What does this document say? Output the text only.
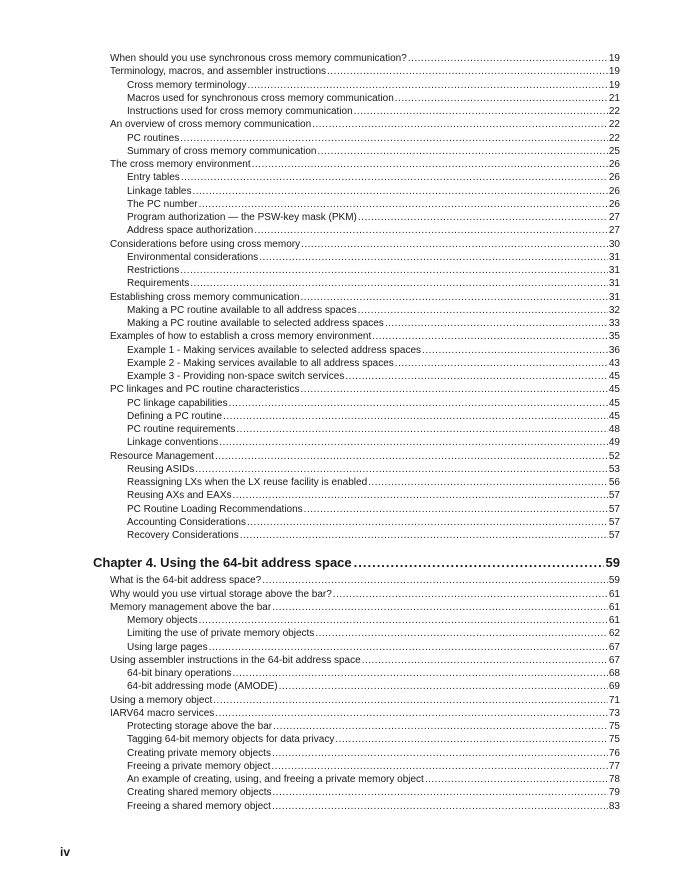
When should you use synchronous cross memory communication? .....	19
Terminology, macros, and assembler instructions .....	19
Cross memory terminology .....	19
Macros used for synchronous cross memory communication .....	21
Instructions used for cross memory communication .....	22
An overview of cross memory communication .....	22
PC routines .....	22
Summary of cross memory communication .....	25
The cross memory environment .....	26
Entry tables .....	26
Linkage tables .....	26
The PC number .....	26
Program authorization — the PSW-key mask (PKM) .....	27
Address space authorization .....	27
Considerations before using cross memory .....	30
Environmental considerations .....	31
Restrictions .....	31
Requirements .....	31
Establishing cross memory communication .....	31
Making a PC routine available to all address spaces .....	32
Making a PC routine available to selected address spaces .....	33
Examples of how to establish a cross memory environment .....	35
Example 1 - Making services available to selected address spaces .....	36
Example 2 - Making services available to all address spaces .....	43
Example 3 - Providing non-space switch services .....	45
PC linkages and PC routine characteristics .....	45
PC linkage capabilities .....	45
Defining a PC routine .....	45
PC routine requirements .....	48
Linkage conventions .....	49
Resource Management .....	52
Reusing ASIDs .....	53
Reassigning LXs when the LX reuse facility is enabled .....	56
Reusing AXs and EAXs .....	57
PC Routine Loading Recommendations .....	57
Accounting Considerations .....	57
Recovery Considerations .....	57
Chapter 4. Using the 64-bit address space .....	59
What is the 64-bit address space? .....	59
Why would you use virtual storage above the bar? .....	61
Memory management above the bar .....	61
Memory objects .....	61
Limiting the use of private memory objects .....	62
Using large pages .....	67
Using assembler instructions in the 64-bit address space .....	67
64-bit binary operations .....	68
64-bit addressing mode (AMODE) .....	69
Using a memory object .....	71
IARV64 macro services .....	73
Protecting storage above the bar .....	75
Tagging 64-bit memory objects for data privacy .....	75
Creating private memory objects .....	76
Freeing a private memory object .....	77
An example of creating, using, and freeing a private memory object .....	78
Creating shared memory objects .....	79
Freeing a shared memory object .....	83
iv
